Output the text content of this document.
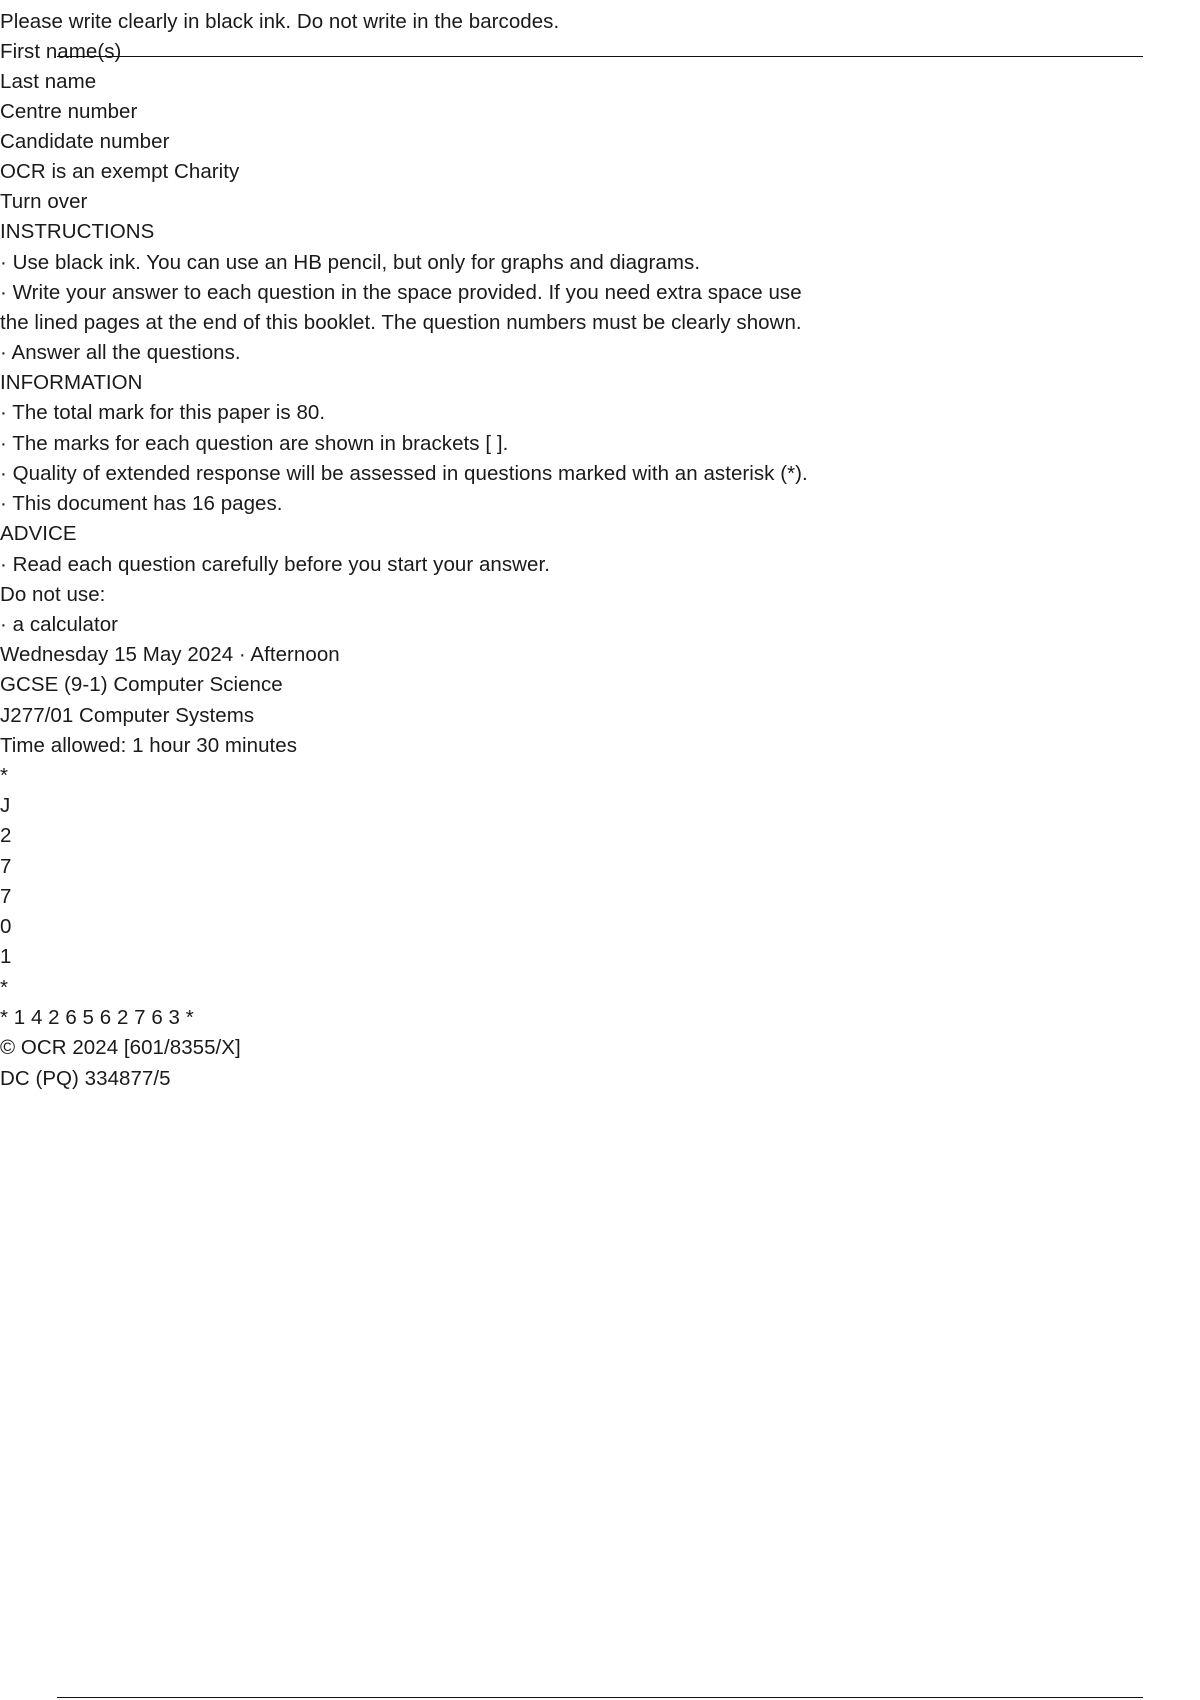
Please write clearly in black ink. Do not write in the barcodes.
First name(s)
Last name
Centre number
Candidate number
OCR is an exempt Charity
Turn over
INSTRUCTIONS
· Use black ink. You can use an HB pencil, but only for graphs and diagrams.
· Write your answer to each question in the space provided. If you need extra space use
the lined pages at the end of this booklet. The question numbers must be clearly shown.
· Answer all the questions.
INFORMATION
· The total mark for this paper is 80.
· The marks for each question are shown in brackets [ ].
· Quality of extended response will be assessed in questions marked with an asterisk (*).
· This document has 16 pages.
ADVICE
· Read each question carefully before you start your answer.
Do not use:
· a calculator
Wednesday 15 May 2024 · Afternoon
GCSE (9-1) Computer Science
J277/01 Computer Systems
Time allowed: 1 hour 30 minutes
*
J
2
7
7
0
1
*
* 1 4 2 6 5 6 2 7 6 3 *
© OCR 2024 [601/8355/X]
DC (PQ) 334877/5
